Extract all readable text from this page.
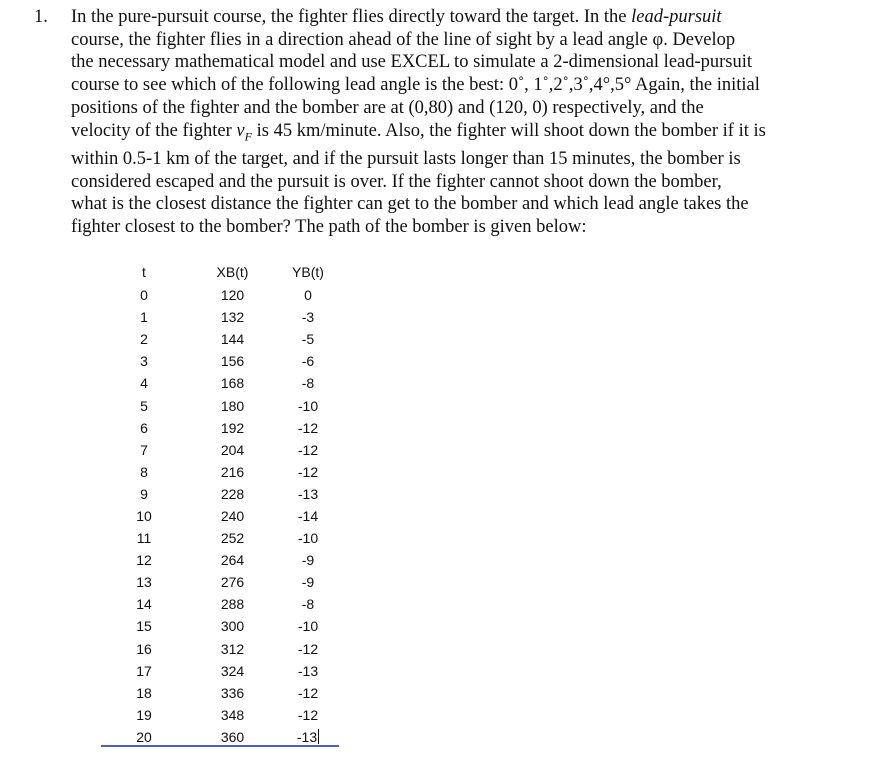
1. In the pure-pursuit course, the fighter flies directly toward the target. In the lead-pursuit
course, the fighter flies in a direction ahead of the line of sight by a lead angle φ. Develop
the necessary mathematical model and use EXCEL to simulate a 2-dimensional lead-pursuit
course to see which of the following lead angle is the best: 0˚, 1˚,2˚,3˚,4°,5° Again, the initial
positions of the fighter and the bomber are at (0,80) and (120, 0) respectively, and the
velocity of the fighter $v_F$ is 45 km/minute. Also, the fighter will shoot down the bomber if it is
within 0.5-1 km of the target, and if the pursuit lasts longer than 15 minutes, the bomber is
considered escaped and the pursuit is over. If the fighter cannot shoot down the bomber,
what is the closest distance the fighter can get to the bomber and which lead angle takes the
fighter closest to the bomber? The path of the bomber is given below:
t	XB(t)	YB(t)
0	120	0
1	132	-3
2	144	-5
3	156	-6
4	168	-8
5	180	-10
6	192	-12
7	204	-12
8	216	-12
9	228	-13
10	240	-14
11	252	-10
12	264	-9
13	276	-9
14	288	-8
15	300	-10
16	312	-12
17	324	-13
18	336	-12
19	348	-12
20	360	-13
